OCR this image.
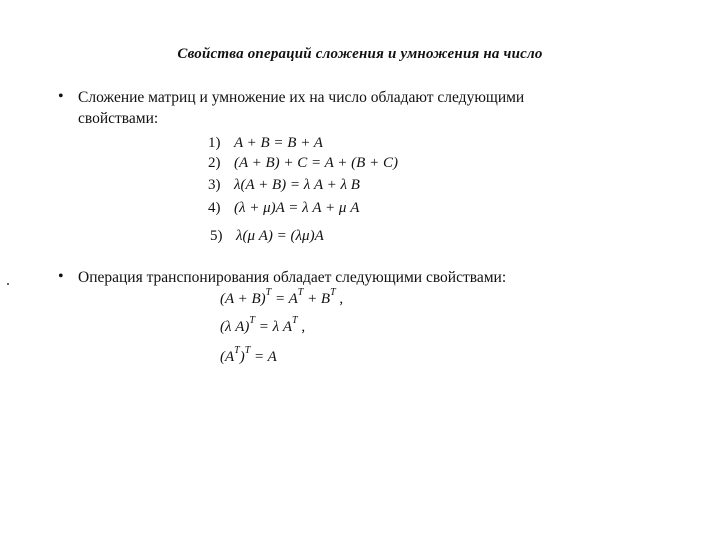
Свойства операций сложения и умножения на число
• Сложение матриц и умножение их на число обладают следующими
свойствами:
1) A + B = B + A
2) (A + B) + C = A + (B + C)
3) λ(A + B) = λ A + λ B
4) (λ + μ)A = λ A + μ A
5) λ(μ A) = (λμ)A
• Операция транспонирования обладает следующими свойствами:
$(A + B)^T = A^T + B^T$ ,
(λ A)$^T$ = λ $A^T$ ,
$(A^T)^T = A$
